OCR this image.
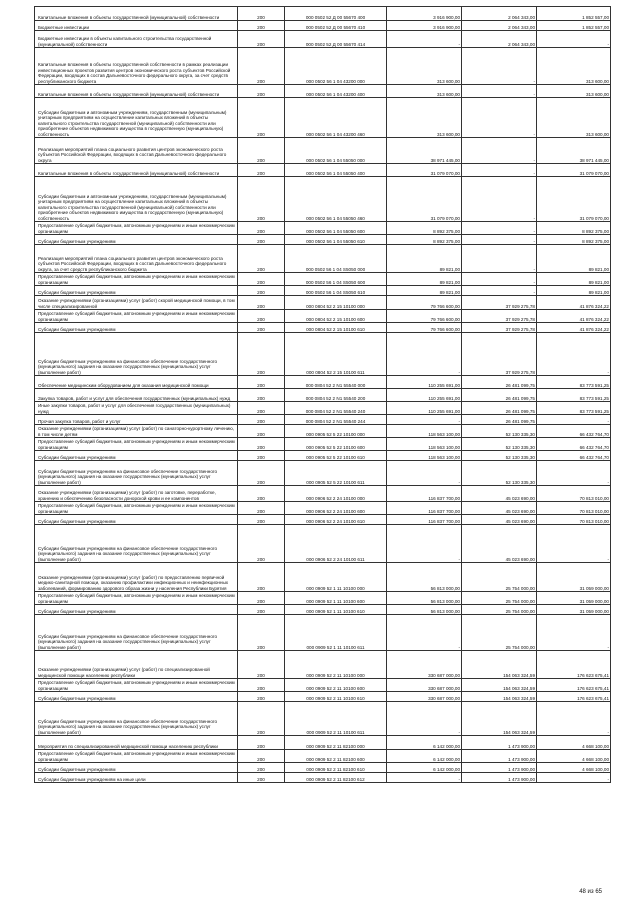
Капитальные вложения в объекты государственной (муниципальной) собственности	200	000 0502 52 Д 00 55670 400	3 916 900,00	2 064 343,00	1 852 557,00
Бюджетные инвестиции	200	000 0502 52 Д 00 55670 410	3 916 900,00	2 064 343,00	1 852 557,00
Бюджетные инвестиции в объекты капитального строительства государственной (муниципальной) собственности	200	000 0502 52 Д 00 55670 414	-	2 064 343,00	-
Капитальные вложения в объекты государственной собственности в рамках реализации инвестиционных проектов развития центров экономического роста субъектов Российской Федерации, входящих в состав Дальневосточного федерального округа, за счет средств республиканского бюджета	200	000 0502 56 1 04 43200 000	313 600,00	-	313 600,00
Капитальные вложения в объекты государственной (муниципальной) собственности	200	000 0502 56 1 04 43200 400	313 600,00	-	313 600,00
Субсидии бюджетным и автономным учреждениям, государственным (муниципальным) унитарным предприятиям на осуществление капитальных вложений в объекты капитального строительства государственной (муниципальной) собственности или приобретение объектов недвижимого имущества в государственную (муниципальную) собственность	200	000 0502 56 1 04 43200 460	313 600,00	-	313 600,00
Реализация мероприятий плана социального развития центров экономического роста субъектов Российской Федерации, входящих в состав Дальневосточного федерального округа	200	000 0502 56 1 04 55050 000	38 971 445,00	-	38 971 445,00
Капитальные вложения в объекты государственной (муниципальной) собственности	200	000 0502 56 1 04 55050 400	31 079 070,00	-	31 079 070,00
Субсидии бюджетным и автономным учреждениям, государственным (муниципальным) унитарным предприятиям на осуществление капитальных вложений в объекты капитального строительства государственной (муниципальной) собственности или приобретение объектов недвижимого имущества в государственную (муниципальную) собственность	200	000 0502 56 1 04 55050 460	31 079 070,00	-	31 079 070,00
Предоставление субсидий бюджетным, автономным учреждениям и иным некоммерческим организациям	200	000 0502 56 1 04 55050 600	8 892 375,00	-	8 892 375,00
Субсидии бюджетным учреждениям	200	000 0502 56 1 04 55050 610	8 892 375,00	-	8 892 375,00
Реализация мероприятий плана социального развития центров экономического роста субъектов Российской Федерации, входящих в состав Дальневосточного федерального округа, за счет средств республиканского бюджета	200	000 0502 56 1 04 S5050 000	89 821,00	-	89 821,00
Предоставление субсидий бюджетным, автономным учреждениям и иным некоммерческим организациям	200	000 0502 56 1 04 S5050 600	89 821,00	-	89 821,00
Субсидии бюджетным учреждениям	200	000 0502 56 1 04 S5050 610	89 821,00	-	89 821,00
Оказание учреждениями (организациями) услуг (работ) скорой медицинской помощи, в том числе специализированной	200	000 0804 52 2 15 10100 000	79 766 600,00	37 929 275,78	41 876 324,22
Предоставление субсидий бюджетным, автономным учреждениям и иным некоммерческим организациям	200	000 0804 52 2 15 10100 600	79 766 600,00	37 929 275,78	41 876 324,22
Субсидии бюджетным учреждениям	200	000 0804 52 2 15 10100 610	79 766 600,00	37 929 275,78	41 876 324,22
Субсидии бюджетным учреждениям на финансовое обеспечение государственного (муниципального) задания на оказание государственных (муниципальных) услуг (выполнение работ)	200	000 0804 52 2 15 10100 611	-	37 929 275,78	-
Обеспечение медицинским оборудованием для оказания медицинской помощи	200	000 0804 52 2 N1 55540 000	110 255 691,00	26 481 099,75	83 773 591,25
Закупка товаров, работ и услуг для обеспечения государственных (муниципальных) нужд	200	000 0804 52 2 N1 55540 200	110 255 691,00	26 481 099,75	83 773 591,25
Иные закупки товаров, работ и услуг для обеспечения государственных (муниципальных) нужд	200	000 0804 52 2 N1 55540 240	110 255 691,00	26 481 099,75	83 773 591,25
Прочая закупка товаров, работ и услуг	200	000 0804 52 2 N1 55540 244	-	26 481 099,75	-
Оказание учреждениями (организациями) услуг (работ) по санаторно-курортному лечению, в том числе детям	200	000 0905 52 5 22 10100 000	118 563 100,00	52 130 335,30	66 432 764,70
Предоставление субсидий бюджетным, автономным учреждениям и иным некоммерческим организациям	200	000 0905 52 5 22 10100 600	118 563 100,00	52 130 335,30	66 432 764,70
Субсидии бюджетным учреждениям	200	000 0905 52 5 22 10100 610	118 563 100,00	52 130 335,30	66 432 764,70
Субсидии бюджетным учреждениям на финансовое обеспечение государственного (муниципального) задания на оказание государственных (муниципальных) услуг (выполнение работ)	200	000 0905 52 5 22 10100 611	-	52 130 335,30	-
Оказание учреждениями (организациями) услуг (работ) по заготовке, переработке, хранению и обеспечению безопасности донорской крови и ее компонентов	200	000 0906 52 2 24 10100 000	116 837 700,00	45 023 690,00	70 813 010,00
Предоставление субсидий бюджетным, автономным учреждениям и иным некоммерческим организациям	200	000 0906 52 2 24 10100 600	116 837 700,00	45 023 690,00	70 813 010,00
Субсидии бюджетным учреждениям	200	000 0906 52 2 24 10100 610	116 837 700,00	45 023 690,00	70 813 010,00
Субсидии бюджетным учреждениям на финансовое обеспечение государственного (муниципального) задания на оказание государственных (муниципальных) услуг (выполнение работ)	200	000 0906 52 2 24 10100 611	-	45 023 690,00	-
Оказание учреждениями (организациями) услуг (работ) по предоставлению первичной медико-санитарной помощи, оказанию профилактики инфекционных и неинфекционных заболеваний, формированию здорового образа жизни у населения Республики Бурятия	200	000 0909 52 1 11 10100 000	56 813 000,00	25 754 000,00	31 059 000,00
Предоставление субсидий бюджетным, автономным учреждениям и иным некоммерческим организациям	200	000 0909 52 1 11 10100 600	56 813 000,00	25 754 000,00	31 059 000,00
Субсидии бюджетным учреждениям	200	000 0909 52 1 11 10100 610	56 813 000,00	25 754 000,00	31 059 000,00
Субсидии бюджетным учреждениям на финансовое обеспечение государственного (муниципального) задания на оказание государственных (муниципальных) услуг (выполнение работ)	200	000 0909 52 1 11 10100 611	-	25 754 000,00	-
Оказание учреждениями (организациями) услуг (работ) по специализированной медицинской помощи населению республики	200	000 0909 52 2 11 10100 000	330 687 000,00	154 063 324,59	176 623 675,41
Предоставление субсидий бюджетным, автономным учреждениям и иным некоммерческим организациям	200	000 0909 52 2 11 10100 600	330 687 000,00	154 063 324,59	176 623 675,41
Субсидии бюджетным учреждениям	200	000 0909 52 2 11 10100 610	330 687 000,00	154 063 324,59	176 623 675,41
Субсидии бюджетным учреждениям на финансовое обеспечение государственного (муниципального) задания на оказание государственных (муниципальных) услуг (выполнение работ)	200	000 0909 52 2 11 10100 611	-	154 063 324,59	-
Мероприятия по специализированной медицинской помощи населению республики	200	000 0909 52 2 11 82100 000	6 142 000,00	1 473 900,00	4 668 100,00
Предоставление субсидий бюджетным, автономным учреждениям и иным некоммерческим организациям	200	000 0909 52 2 11 82100 600	6 142 000,00	1 473 900,00	4 668 100,00
Субсидии бюджетным учреждениям	200	000 0909 52 2 11 82100 610	6 142 000,00	1 473 900,00	4 668 100,00
Субсидии бюджетным учреждениям на иные цели	200	000 0909 52 2 11 82100 612	-	1 473 900,00	-
48 из 65
